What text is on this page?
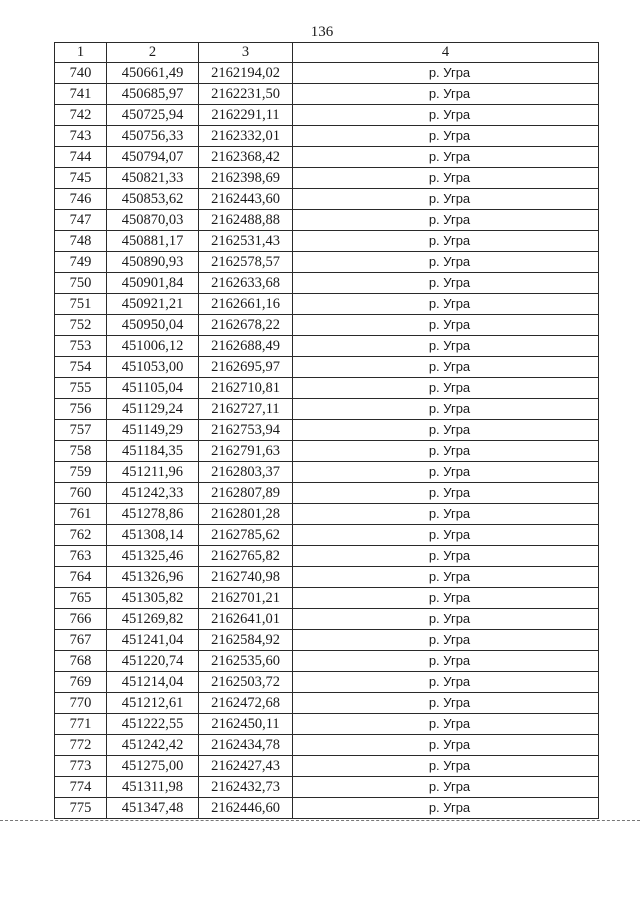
136
1	2	3	4
740	450661,49	2162194,02	р. Угра
741	450685,97	2162231,50	р. Угра
742	450725,94	2162291,11	р. Угра
743	450756,33	2162332,01	р. Угра
744	450794,07	2162368,42	р. Угра
745	450821,33	2162398,69	р. Угра
746	450853,62	2162443,60	р. Угра
747	450870,03	2162488,88	р. Угра
748	450881,17	2162531,43	р. Угра
749	450890,93	2162578,57	р. Угра
750	450901,84	2162633,68	р. Угра
751	450921,21	2162661,16	р. Угра
752	450950,04	2162678,22	р. Угра
753	451006,12	2162688,49	р. Угра
754	451053,00	2162695,97	р. Угра
755	451105,04	2162710,81	р. Угра
756	451129,24	2162727,11	р. Угра
757	451149,29	2162753,94	р. Угра
758	451184,35	2162791,63	р. Угра
759	451211,96	2162803,37	р. Угра
760	451242,33	2162807,89	р. Угра
761	451278,86	2162801,28	р. Угра
762	451308,14	2162785,62	р. Угра
763	451325,46	2162765,82	р. Угра
764	451326,96	2162740,98	р. Угра
765	451305,82	2162701,21	р. Угра
766	451269,82	2162641,01	р. Угра
767	451241,04	2162584,92	р. Угра
768	451220,74	2162535,60	р. Угра
769	451214,04	2162503,72	р. Угра
770	451212,61	2162472,68	р. Угра
771	451222,55	2162450,11	р. Угра
772	451242,42	2162434,78	р. Угра
773	451275,00	2162427,43	р. Угра
774	451311,98	2162432,73	р. Угра
775	451347,48	2162446,60	р. Угра
